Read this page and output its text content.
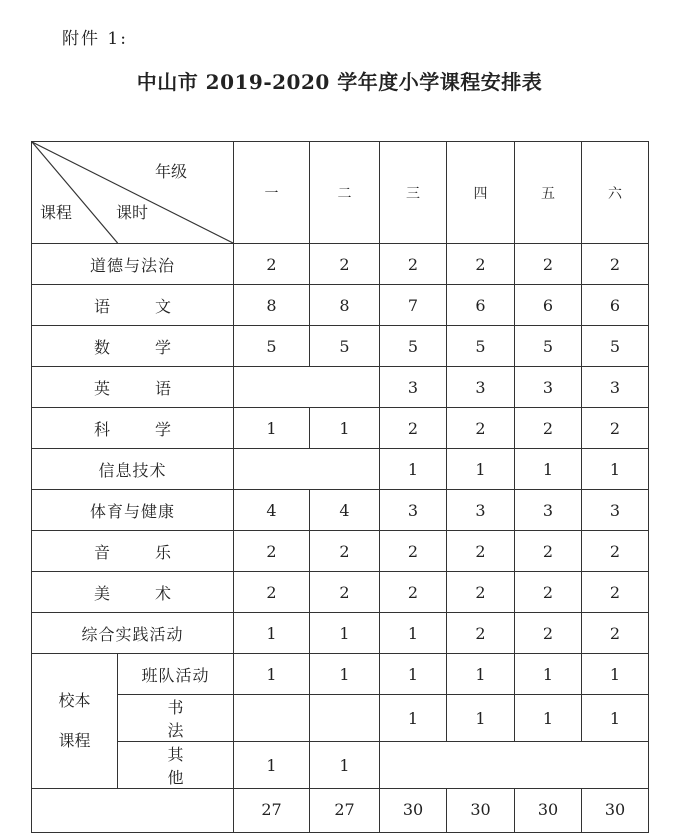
附件 1:
中山市 2019-2020 学年度小学课程安排表
年级
课时
课程		一	二	三	四	五	六
道德与法治		2	2	2	2	2	2
语 文		8	8	7	6	6	6
数 学		5	5	5	5	5	5
英 语				3	3	3	3
科 学		1	1	2	2	2	2
信息技术				1	1	1	1
体育与健康		4	4	3	3	3	3
音 乐		2	2	2	2	2	2
美 术		2	2	2	2	2	2
综合实践活动		1	1	1	2	2	2
校本
课程	班队活动	1	1	1	1	1	1
	书 法			1	1	1	1
	其 他	1	1				
		27	27	30	30	30	30
